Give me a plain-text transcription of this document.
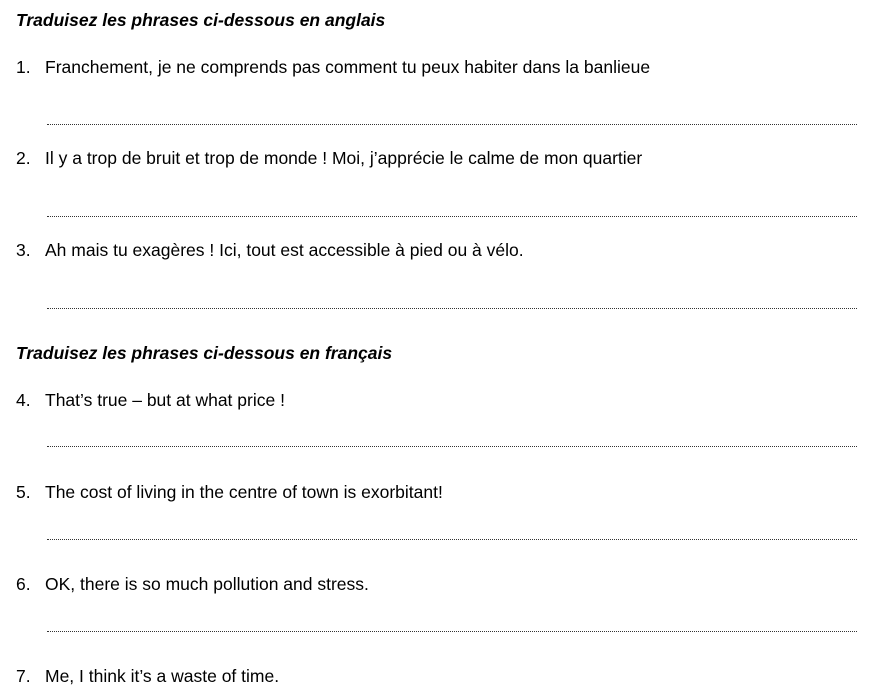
Traduisez les phrases ci-dessous en anglais
1. Franchement, je ne comprends pas comment tu peux habiter dans la banlieue
2. Il y a trop de bruit et trop de monde ! Moi, j’apprécie le calme de mon quartier
3. Ah mais tu exagères ! Ici, tout est accessible à pied ou à vélo.
Traduisez les phrases ci-dessous en français
4. That’s true – but at what price !
5. The cost of living in the centre of town is exorbitant!
6. OK, there is so much pollution and stress.
7. Me, I think it’s a waste of time.
